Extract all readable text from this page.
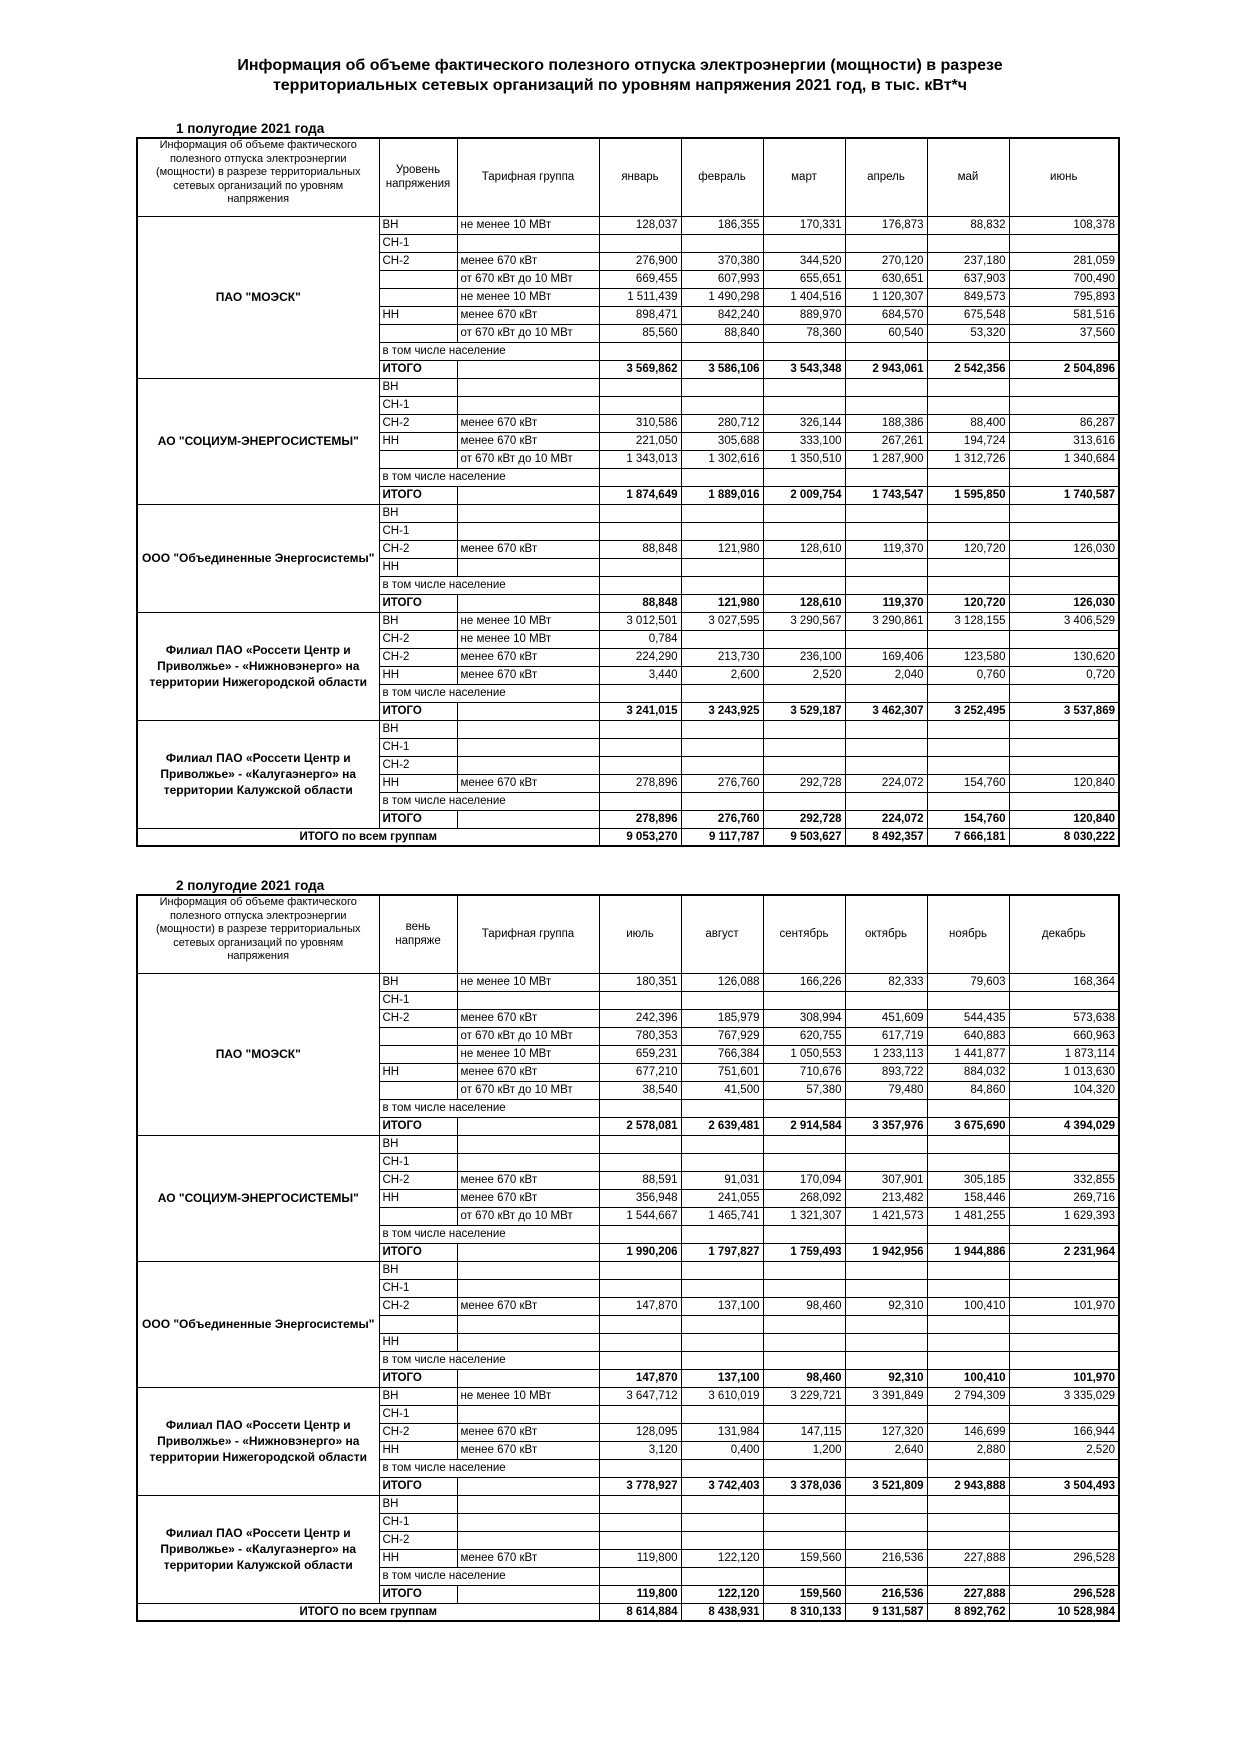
Информация об объеме фактического полезного отпуска электроэнергии (мощности) в разрезе
территориальных сетевых организаций по уровням напряжения 2021 год, в тыс. кВт*ч
1 полугодие 2021 года
Информация об объеме фактического полезного отпуска электроэнергии (мощности) в разрезе территориальных сетевых организаций по уровням напряжения	Уровень напряжения	Тарифная группа	январь	февраль	март	апрель	май	июнь
ПАО "МОЭСК"	ВН	не менее 10 МВт	128,037	186,355	170,331	176,873	88,832	108,378
	СН-1							
	СН-2	менее 670 кВт	276,900	370,380	344,520	270,120	237,180	281,059
		от 670 кВт до 10 МВт	669,455	607,993	655,651	630,651	637,903	700,490
		не менее 10 МВт	1 511,439	1 490,298	1 404,516	1 120,307	849,573	795,893
	НН	менее 670 кВт	898,471	842,240	889,970	684,570	675,548	581,516
		от 670 кВт до 10 МВт	85,560	88,840	78,360	60,540	53,320	37,560
	в том числе население							
	ИТОГО		3 569,862	3 586,106	3 543,348	2 943,061	2 542,356	2 504,896
АО "СОЦИУМ-ЭНЕРГОСИСТЕМЫ"	ВН							
	СН-1							
	СН-2	менее 670 кВт	310,586	280,712	326,144	188,386	88,400	86,287
	НН	менее 670 кВт	221,050	305,688	333,100	267,261	194,724	313,616
		от 670 кВт до 10 МВт	1 343,013	1 302,616	1 350,510	1 287,900	1 312,726	1 340,684
	в том числе население							
	ИТОГО		1 874,649	1 889,016	2 009,754	1 743,547	1 595,850	1 740,587
ООО "Объединенные Энергосистемы"	ВН							
	СН-1							
	СН-2	менее 670 кВт	88,848	121,980	128,610	119,370	120,720	126,030
	НН							
	в том числе население							
	ИТОГО		88,848	121,980	128,610	119,370	120,720	126,030
Филиал ПАО «Россети Центр и Приволжье» - «Нижновэнерго» на территории Нижегородской области	ВН	не менее 10 МВт	3 012,501	3 027,595	3 290,567	3 290,861	3 128,155	3 406,529
	СН-2	не менее 10 МВт	0,784					
	СН-2	менее 670 кВт	224,290	213,730	236,100	169,406	123,580	130,620
	НН	менее 670 кВт	3,440	2,600	2,520	2,040	0,760	0,720
	в том числе население							
	ИТОГО		3 241,015	3 243,925	3 529,187	3 462,307	3 252,495	3 537,869
Филиал ПАО «Россети Центр и Приволжье» - «Калугаэнерго» на территории Калужской области	ВН							
	СН-1							
	СН-2							
	НН	менее 670 кВт	278,896	276,760	292,728	224,072	154,760	120,840
	в том числе население							
	ИТОГО		278,896	276,760	292,728	224,072	154,760	120,840
ИТОГО по всем группам			9 053,270	9 117,787	9 503,627	8 492,357	7 666,181	8 030,222
2 полугодие 2021 года
Информация об объеме фактического полезного отпуска электроэнергии (мощности) в разрезе территориальных сетевых организаций по уровням напряжения	вень напряже	Тарифная группа	июль	август	сентябрь	октябрь	ноябрь	декабрь
ПАО "МОЭСК"	ВН	не менее 10 МВт	180,351	126,088	166,226	82,333	79,603	168,364
	СН-1							
	СН-2	менее 670 кВт	242,396	185,979	308,994	451,609	544,435	573,638
		от 670 кВт до 10 МВт	780,353	767,929	620,755	617,719	640,883	660,963
		не менее 10 МВт	659,231	766,384	1 050,553	1 233,113	1 441,877	1 873,114
	НН	менее 670 кВт	677,210	751,601	710,676	893,722	884,032	1 013,630
		от 670 кВт до 10 МВт	38,540	41,500	57,380	79,480	84,860	104,320
	в том числе население							
	ИТОГО		2 578,081	2 639,481	2 914,584	3 357,976	3 675,690	4 394,029
АО "СОЦИУМ-ЭНЕРГОСИСТЕМЫ"	ВН							
	СН-1							
	СН-2	менее 670 кВт	88,591	91,031	170,094	307,901	305,185	332,855
	НН	менее 670 кВт	356,948	241,055	268,092	213,482	158,446	269,716
		от 670 кВт до 10 МВт	1 544,667	1 465,741	1 321,307	1 421,573	1 481,255	1 629,393
	в том числе население							
	ИТОГО		1 990,206	1 797,827	1 759,493	1 942,956	1 944,886	2 231,964
ООО "Объединенные Энергосистемы"	ВН							
	СН-1							
	СН-2	менее 670 кВт	147,870	137,100	98,460	92,310	100,410	101,970

	НН							
	в том числе население							
	ИТОГО		147,870	137,100	98,460	92,310	100,410	101,970
Филиал ПАО «Россети Центр и Приволжье» - «Нижновэнерго» на территории Нижегородской области	ВН	не менее 10 МВт	3 647,712	3 610,019	3 229,721	3 391,849	2 794,309	3 335,029
	СН-1							
	СН-2	менее 670 кВт	128,095	131,984	147,115	127,320	146,699	166,944
	НН	менее 670 кВт	3,120	0,400	1,200	2,640	2,880	2,520
	в том числе население							
	ИТОГО		3 778,927	3 742,403	3 378,036	3 521,809	2 943,888	3 504,493
Филиал ПАО «Россети Центр и Приволжье» - «Калугаэнерго» на территории Калужской области	ВН							
	СН-1							
	СН-2							
	НН	менее 670 кВт	119,800	122,120	159,560	216,536	227,888	296,528
	в том числе население							
	ИТОГО		119,800	122,120	159,560	216,536	227,888	296,528
ИТОГО по всем группам			8 614,884	8 438,931	8 310,133	9 131,587	8 892,762	10 528,984
